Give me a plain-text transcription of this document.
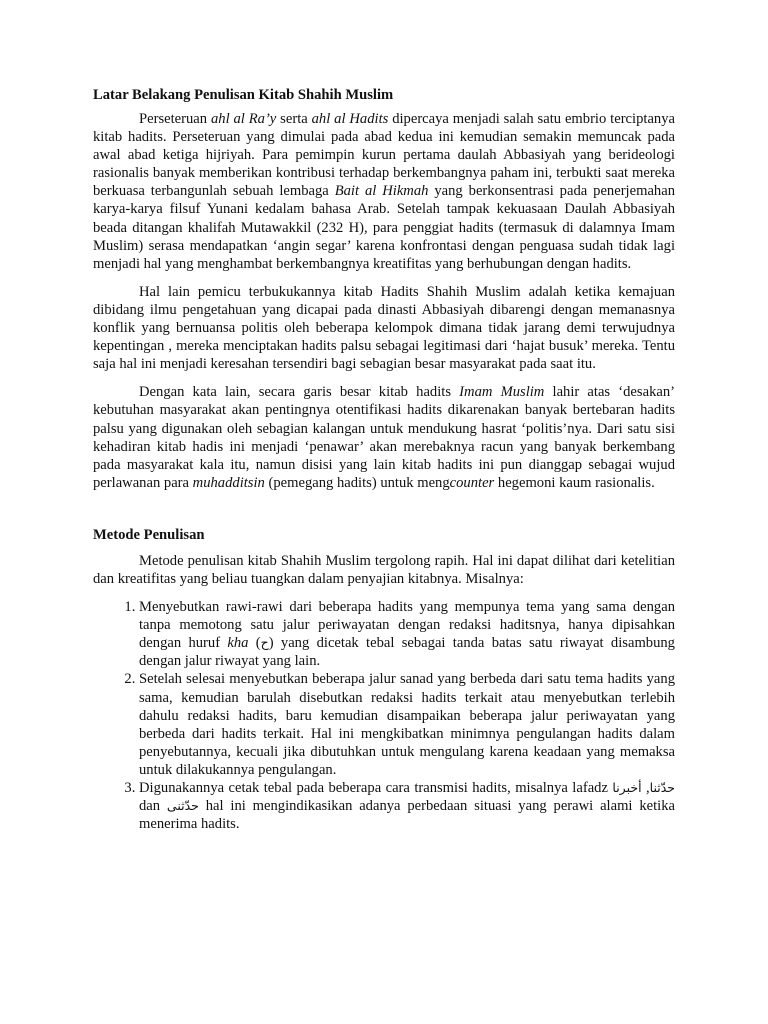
Latar Belakang Penulisan Kitab Shahih Muslim

Perseteruan ahl al Ra’y serta ahl al Hadits dipercaya menjadi salah satu embrio terciptanya kitab hadits. Perseteruan yang dimulai pada abad kedua ini kemudian semakin memuncak pada awal abad ketiga hijriyah. Para pemimpin kurun pertama daulah Abbasiyah yang berideologi rasionalis banyak memberikan kontribusi terhadap berkembangnya paham ini, terbukti saat mereka berkuasa terbangunlah sebuah lembaga Bait al Hikmah yang berkonsentrasi pada penerjemahan karya-karya filsuf Yunani kedalam bahasa Arab. Setelah tampak kekuasaan Daulah Abbasiyah beada ditangan khalifah Mutawakkil (232 H), para penggiat hadits (termasuk di dalamnya Imam Muslim) serasa mendapatkan ‘angin segar’ karena konfrontasi dengan penguasa sudah tidak lagi menjadi hal yang menghambat berkembangnya kreatifitas yang berhubungan dengan hadits.

Hal lain pemicu terbukukannya kitab Hadits Shahih Muslim adalah ketika kemajuan dibidang ilmu pengetahuan yang dicapai pada dinasti Abbasiyah dibarengi dengan memanasnya konflik yang bernuansa politis oleh beberapa kelompok dimana tidak jarang demi terwujudnya kepentingan , mereka menciptakan hadits palsu sebagai legitimasi dari ‘hajat busuk’ mereka. Tentu saja hal ini menjadi keresahan tersendiri bagi sebagian besar masyarakat pada saat itu.

Dengan kata lain, secara garis besar kitab hadits Imam Muslim lahir atas ‘desakan’ kebutuhan masyarakat akan pentingnya otentifikasi hadits dikarenakan banyak bertebaran hadits palsu yang digunakan oleh sebagian kalangan untuk mendukung hasrat ‘politis’nya. Dari satu sisi kehadiran kitab hadis ini menjadi ‘penawar’ akan merebaknya racun yang banyak berkembang pada masyarakat kala itu, namun disisi yang lain kitab hadits ini pun dianggap sebagai wujud perlawanan para muhadditsin (pemegang hadits) untuk mengcounter hegemoni kaum rasionalis.

Metode Penulisan

Metode penulisan kitab Shahih Muslim tergolong rapih. Hal ini dapat dilihat dari ketelitian dan kreatifitas yang beliau tuangkan dalam penyajian kitabnya. Misalnya:

1. Menyebutkan rawi-rawi dari beberapa hadits yang mempunya tema yang sama dengan tanpa memotong satu jalur periwayatan dengan redaksi haditsnya, hanya dipisahkan dengan huruf kha (ح) yang dicetak tebal sebagai tanda batas satu riwayat disambung dengan jalur riwayat yang lain.
2. Setelah selesai menyebutkan beberapa jalur sanad yang berbeda dari satu tema hadits yang sama, kemudian barulah disebutkan redaksi hadits terkait atau menyebutkan terlebih dahulu redaksi hadits, baru kemudian disampaikan beberapa jalur periwayatan yang berbeda dari hadits terkait. Hal ini mengkibatkan minimnya pengulangan hadits dalam penyebutannya, kecuali jika dibutuhkan untuk mengulang karena keadaan yang memaksa untuk dilakukannya pengulangan.
3. Digunakannya cetak tebal pada beberapa cara transmisi hadits, misalnya lafadz	حدّثنا, أخبرنا dan حدّثنى hal ini mengindikasikan adanya perbedaan situasi yang perawi alami ketika menerima hadits.
